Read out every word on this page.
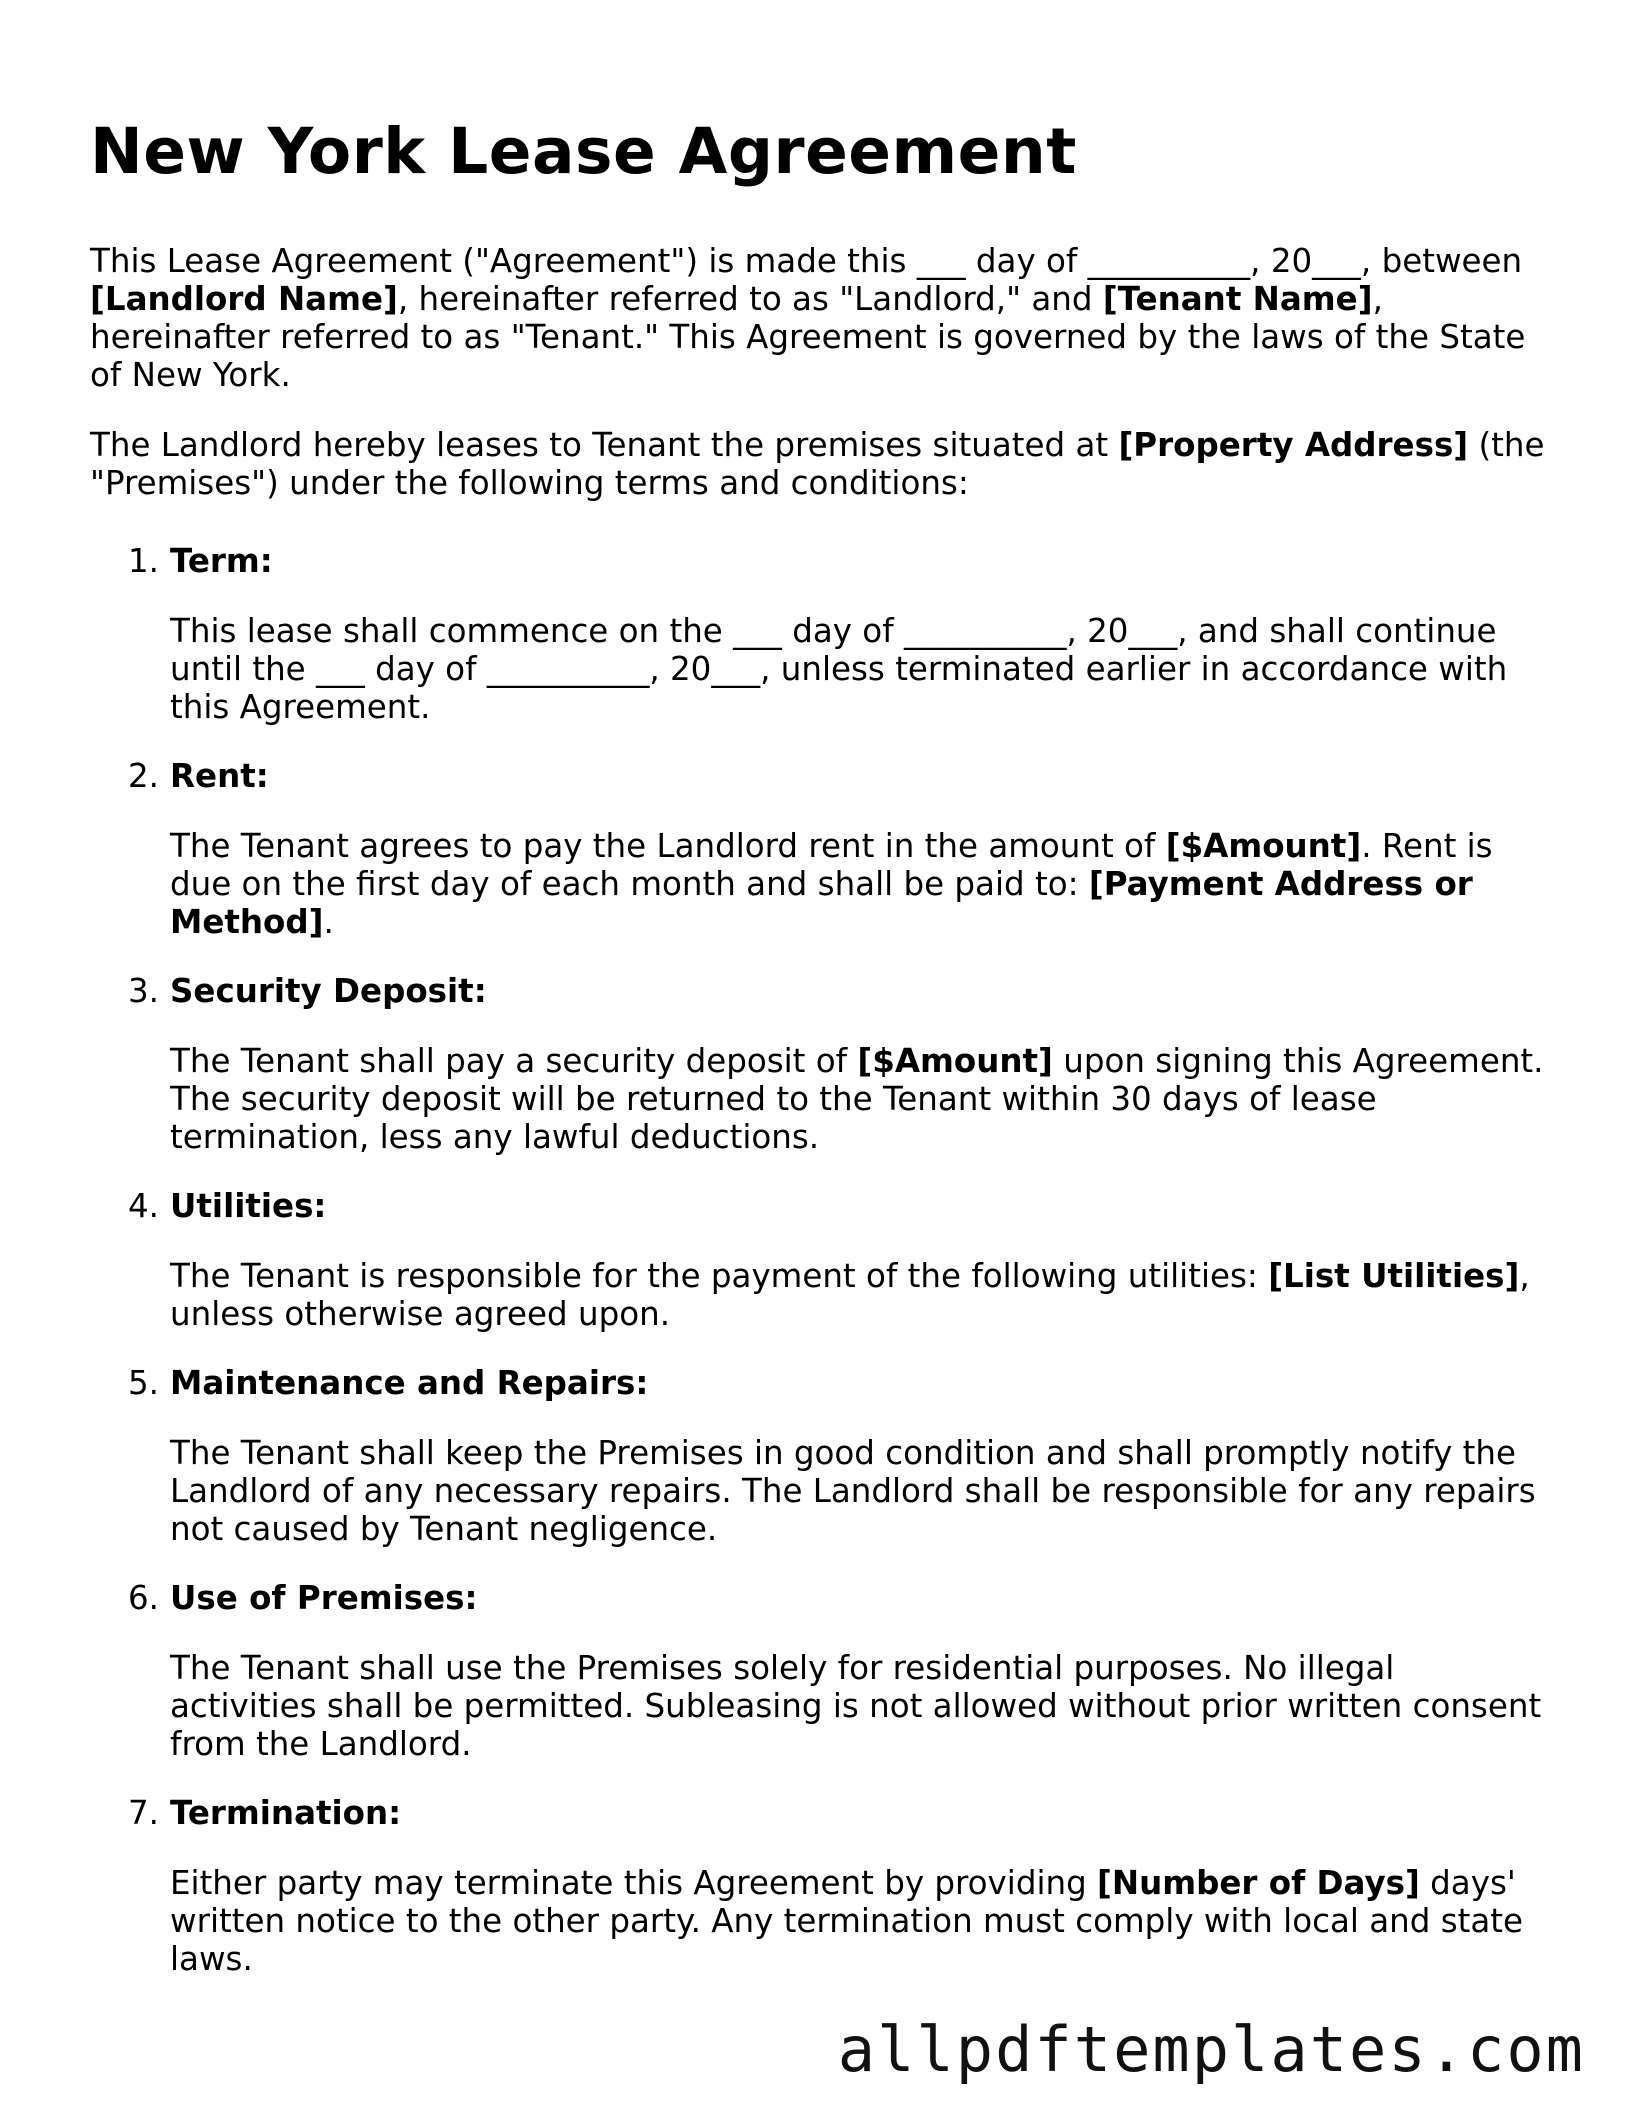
New York Lease Agreement

This Lease Agreement ("Agreement") is made this ___ day of __________, 20___, between [Landlord Name], hereinafter referred to as "Landlord," and [Tenant Name], hereinafter referred to as "Tenant." This Agreement is governed by the laws of the State of New York.

The Landlord hereby leases to Tenant the premises situated at [Property Address] (the "Premises") under the following terms and conditions:

1. Term:

This lease shall commence on the ___ day of __________, 20___, and shall continue until the ___ day of __________, 20___, unless terminated earlier in accordance with this Agreement.

2. Rent:

The Tenant agrees to pay the Landlord rent in the amount of [$Amount]. Rent is due on the first day of each month and shall be paid to: [Payment Address or Method].

3. Security Deposit:

The Tenant shall pay a security deposit of [$Amount] upon signing this Agreement. The security deposit will be returned to the Tenant within 30 days of lease termination, less any lawful deductions.

4. Utilities:

The Tenant is responsible for the payment of the following utilities: [List Utilities], unless otherwise agreed upon.

5. Maintenance and Repairs:

The Tenant shall keep the Premises in good condition and shall promptly notify the Landlord of any necessary repairs. The Landlord shall be responsible for any repairs not caused by Tenant negligence.

6. Use of Premises:

The Tenant shall use the Premises solely for residential purposes. No illegal activities shall be permitted. Subleasing is not allowed without prior written consent from the Landlord.

7. Termination:

Either party may terminate this Agreement by providing [Number of Days] days' written notice to the other party. Any termination must comply with local and state laws.

allpdftemplates.com
